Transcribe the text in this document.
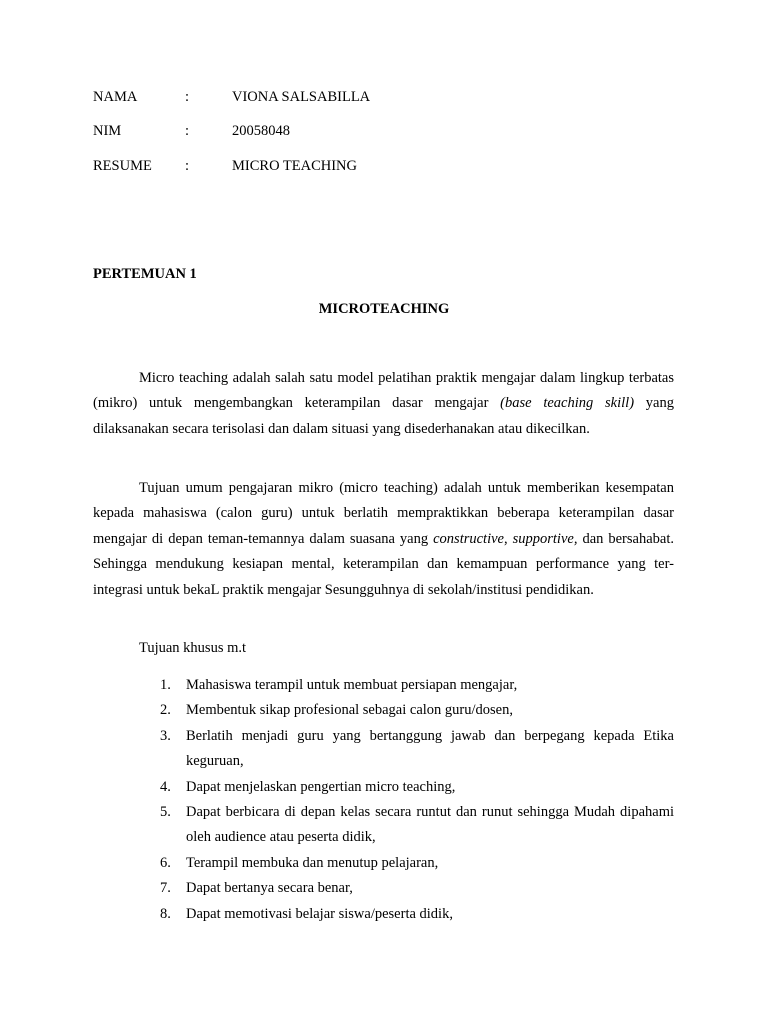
NAMA	:	VIONA SALSABILLA
NIM	:	20058048
RESUME :	MICRO TEACHING
PERTEMUAN 1
MICROTEACHING

Micro teaching adalah salah satu model pelatihan praktik mengajar dalam lingkup terbatas (mikro) untuk mengembangkan keterampilan dasar mengajar (base teaching skill) yang dilaksanakan secara terisolasi dan dalam situasi yang disederhanakan atau dikecilkan.

Tujuan umum pengajaran mikro (micro teaching) adalah untuk memberikan kesempatan kepada mahasiswa (calon guru) untuk berlatih mempraktikkan beberapa keterampilan dasar mengajar di depan teman-temannya dalam suasana yang constructive, supportive, dan bersahabat. Sehingga mendukung kesiapan mental, keterampilan dan kemampuan performance yang ter-integrasi untuk bekaL praktik mengajar Sesungguhnya di sekolah/institusi pendidikan.

Tujuan khusus m.t
1. Mahasiswa terampil untuk membuat persiapan mengajar,
2. Membentuk sikap profesional sebagai calon guru/dosen,
3. Berlatih menjadi guru yang bertanggung jawab dan berpegang kepada Etika keguruan,
4. Dapat menjelaskan pengertian micro teaching,
5. Dapat berbicara di depan kelas secara runtut dan runut sehingga Mudah dipahami oleh audience atau peserta didik,
6. Terampil membuka dan menutup pelajaran,
7. Dapat bertanya secara benar,
8. Dapat memotivasi belajar siswa/peserta didik,
